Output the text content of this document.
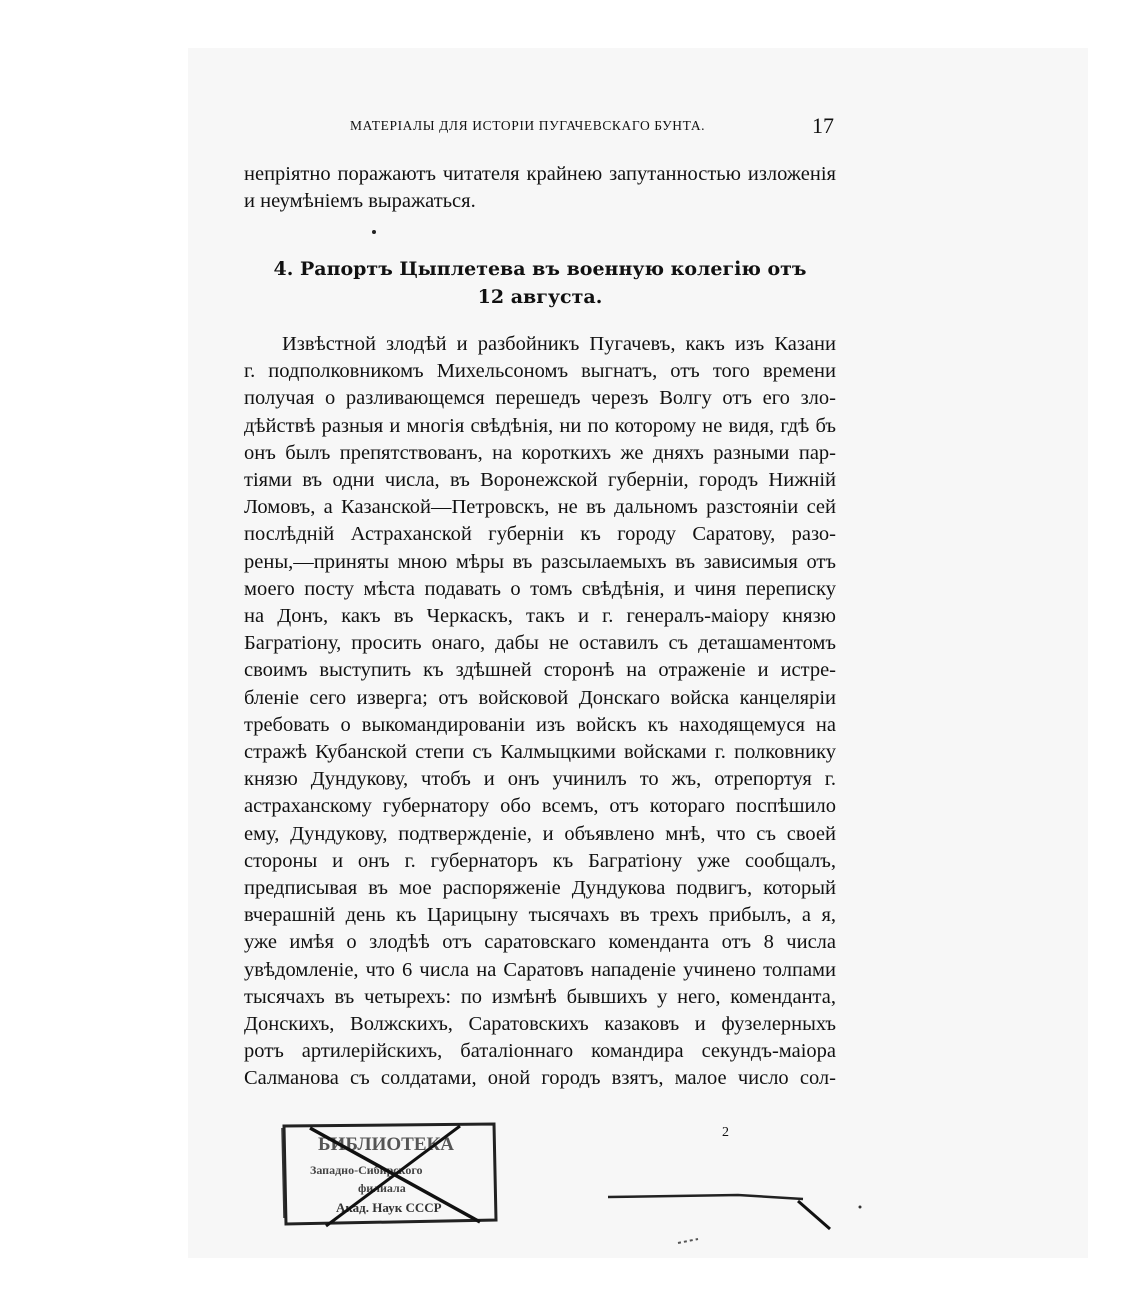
МАТЕРІАЛЫ ДЛЯ ИСТОРІИ ПУГАЧЕВСКАГО БУНТА.	17
непріятно поражаютъ читателя крайнею запутанностью изложенія
и неумѣніемъ выражаться.
4. Рапортъ Цыплетева въ военную колегію отъ
12 августа.
Извѣстной злодѣй и разбойникъ Пугачевъ, какъ изъ Казани
г. подполковникомъ Михельсономъ выгнатъ, отъ того времени
получая о разливающемся перешедъ черезъ Волгу отъ его зло-
дѣйствѣ разныя и многія свѣдѣнія, ни по которому не видя, гдѣ бъ
онъ былъ препятствованъ, на короткихъ же дняхъ разными пар-
тіями въ одни числа, въ Воронежской губерніи, городъ Нижній
Ломовъ, а Казанской—Петровскъ, не въ дальномъ разстояніи сей
послѣдній Астраханской губерніи къ городу Саратову, разо-
рены,—приняты мною мѣры въ разсылаемыхъ въ зависимыя отъ
моего посту мѣста подавать о томъ свѣдѣнія, и чиня переписку
на Донъ, какъ въ Черкаскъ, такъ и г. генералъ-маіору князю
Багратіону, просить онаго, дабы не оставилъ съ деташаментомъ
своимъ выступить къ здѣшней сторонѣ на отраженіе и истре-
бленіе сего изверга; отъ войсковой Донскаго войска канцеляріи
требовать о выкомандированіи изъ войскъ къ находящемуся на
стражѣ Кубанской степи съ Калмыцкими войсками г. полковнику
князю Дундукову, чтобъ и онъ учинилъ то жъ, отрепортуя г.
астраханскому губернатору обо всемъ, отъ котораго поспѣшило
ему, Дундукову, подтвержденіе, и объявлено мнѣ, что съ своей
стороны и онъ г. губернаторъ къ Багратіону уже сообщалъ,
предписывая въ мое распоряженіе Дундукова подвигъ, который
вчерашній день къ Царицыну тысячахъ въ трехъ прибылъ, а я,
уже имѣя о злодѣѣ отъ саратовскаго коменданта отъ 8 числа
увѣдомленіе, что 6 числа на Саратовъ нападеніе учинено толпами
тысячахъ въ четырехъ: по измѣнѣ бывшихъ у него, коменданта,
Донскихъ, Волжскихъ, Саратовскихъ казаковъ и фузелерныхъ
ротъ артилерійскихъ, баталіоннаго командира секундъ-маіора
Салманова съ солдатами, оной городъ взятъ, малое число сол-
2
БИБЛИОТЕКА
Западно-Сибирского
филиала
Акад. Наук СССР
